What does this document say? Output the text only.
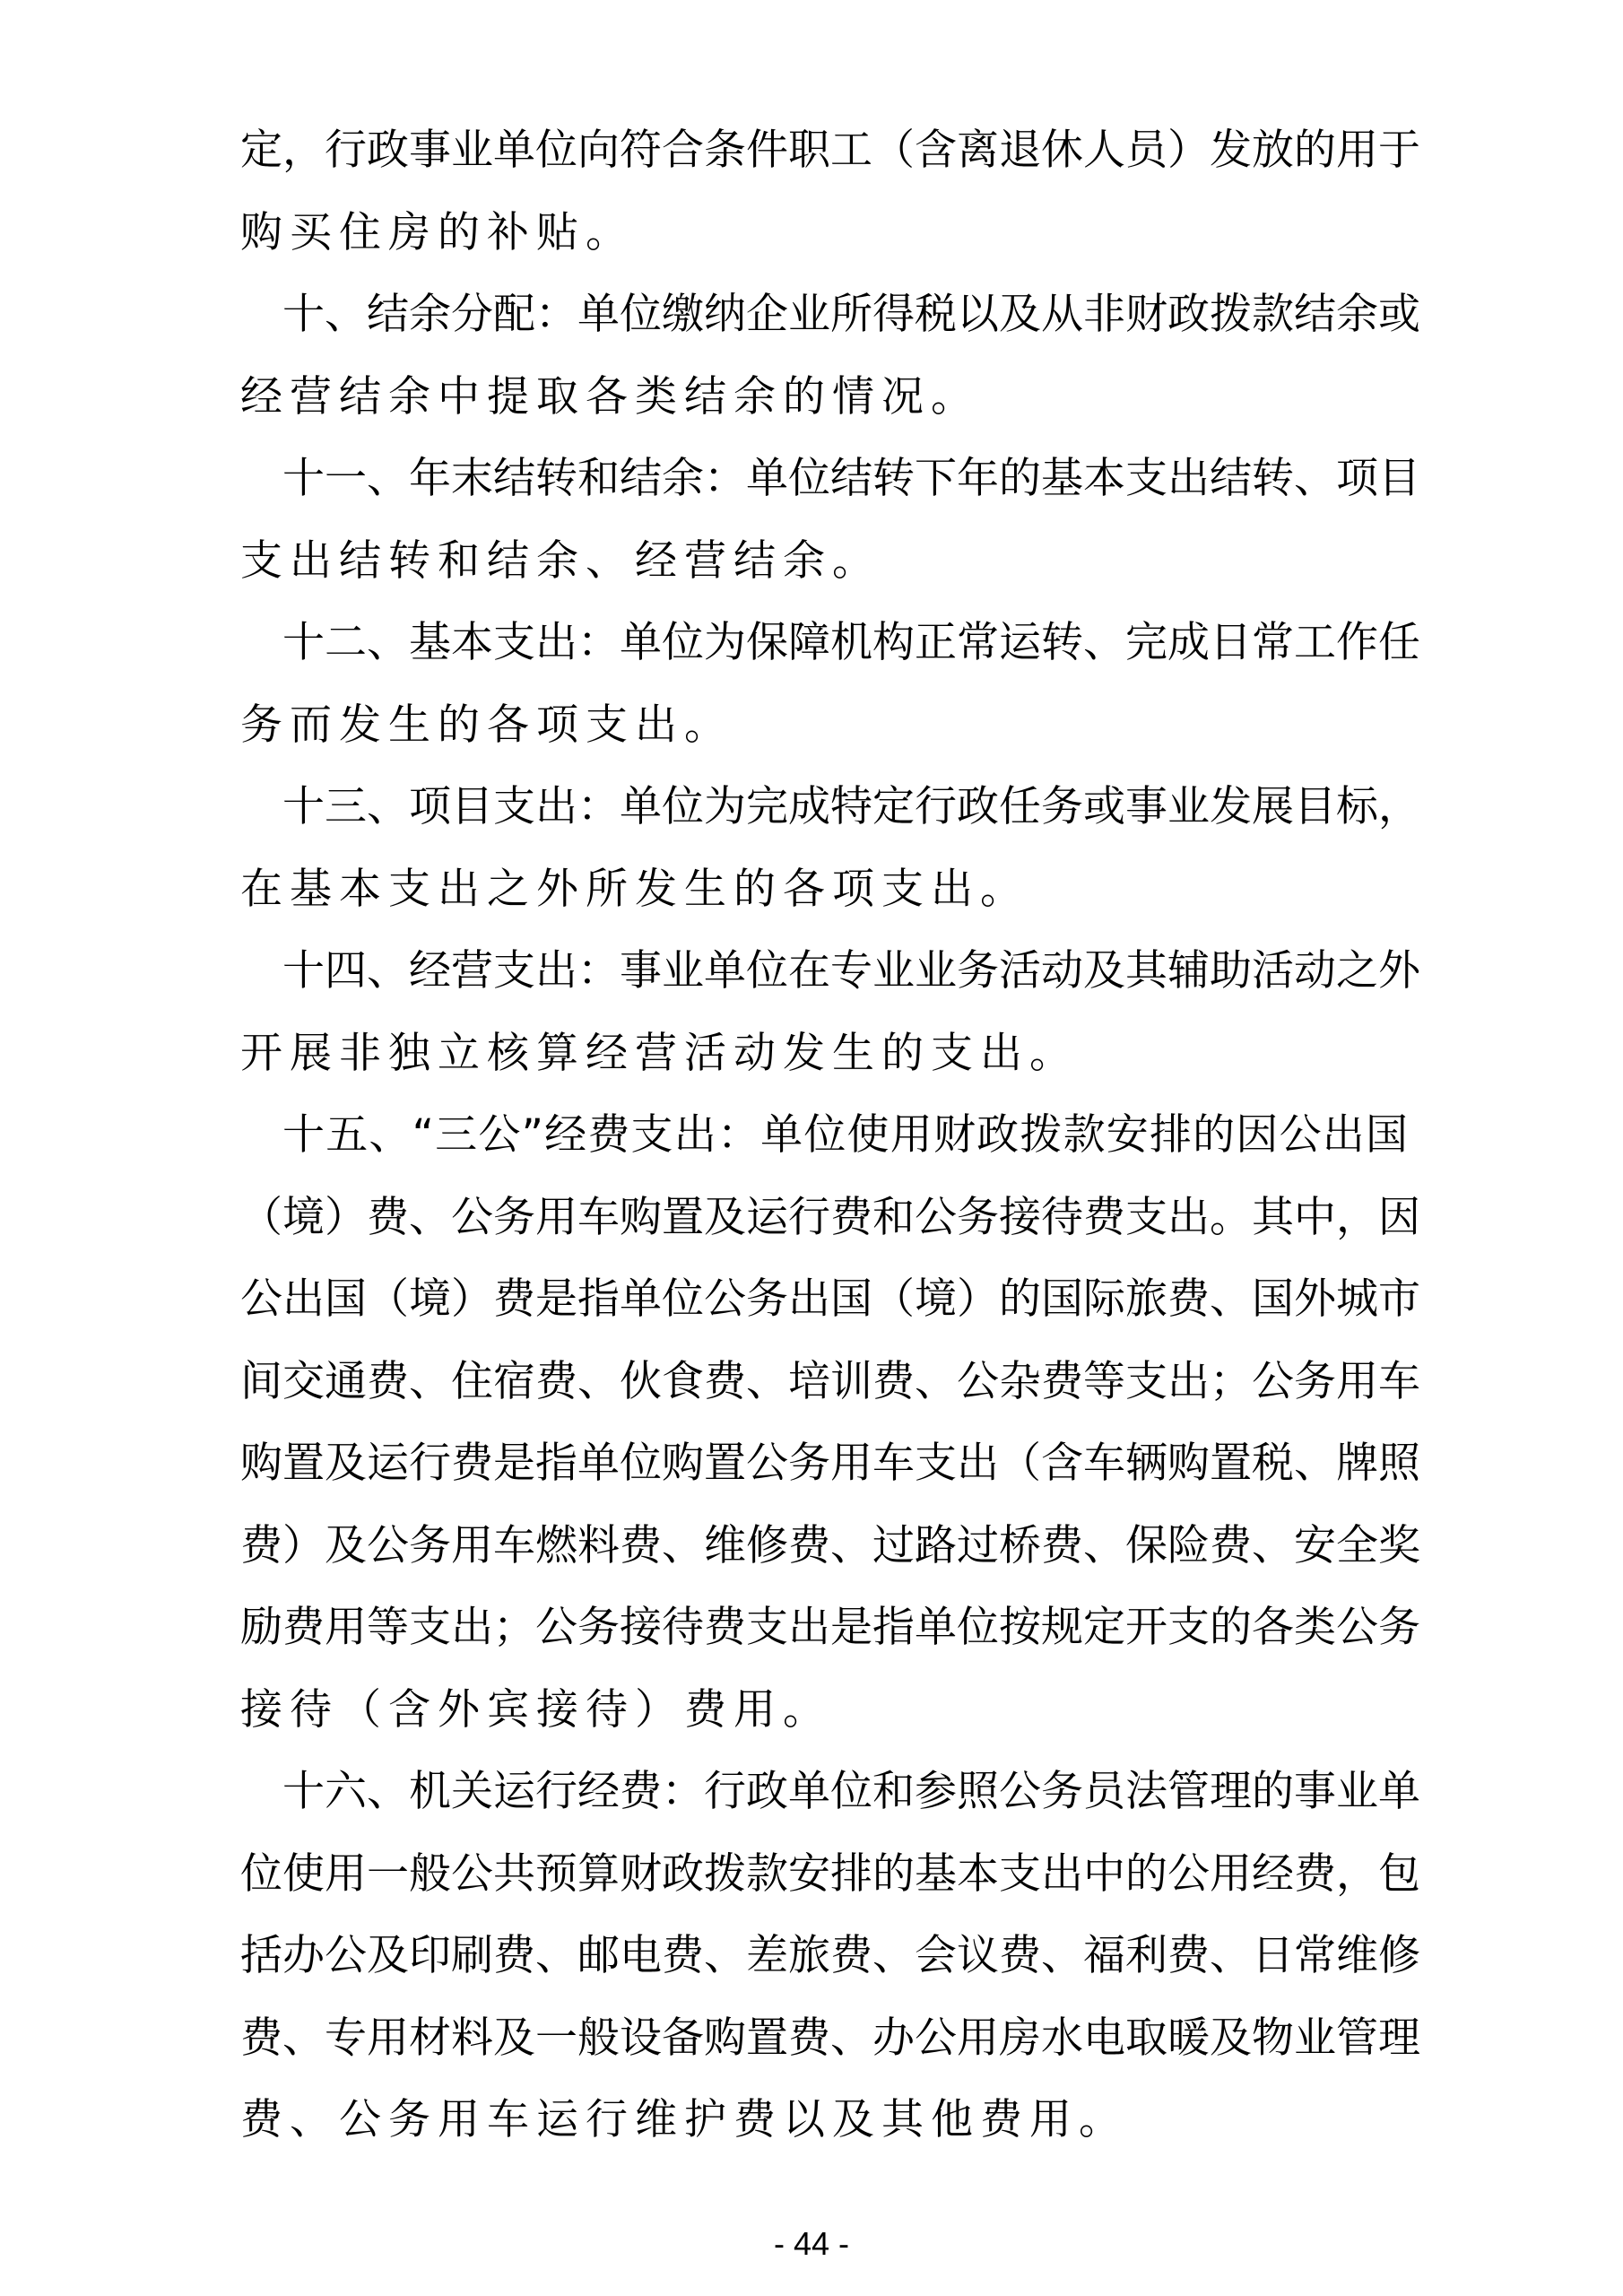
定，行政事业单位向符合条件职工（含离退休人员）发放的用于
购买住房的补贴。
十、结余分配：单位缴纳企业所得税以及从非财政拨款结余或
经营结余中提取各类结余的情况。
十一、年末结转和结余：单位结转下年的基本支出结转、项目
支出结转和结余、经营结余。
十二、基本支出：单位为保障机构正常运转、完成日常工作任
务而发生的各项支出。
十三、项目支出：单位为完成特定行政任务或事业发展目标，
在基本支出之外所发生的各项支出。
十四、经营支出：事业单位在专业业务活动及其辅助活动之外
开展非独立核算经营活动发生的支出。
十五、“三公”经费支出：单位使用财政拨款安排的因公出国
（境）费、公务用车购置及运行费和公务接待费支出。其中，因
公出国（境）费是指单位公务出国（境）的国际旅费、国外城市
间交通费、住宿费、伙食费、培训费、公杂费等支出；公务用车
购置及运行费是指单位购置公务用车支出（含车辆购置税、牌照
费）及公务用车燃料费、维修费、过路过桥费、保险费、安全奖
励费用等支出；公务接待费支出是指单位按规定开支的各类公务
接待（含外宾接待）费用。
十六、机关运行经费：行政单位和参照公务员法管理的事业单
位使用一般公共预算财政拨款安排的基本支出中的公用经费，包
括办公及印刷费、邮电费、差旅费、会议费、福利费、日常维修
费、专用材料及一般设备购置费、办公用房水电取暖及物业管理
费、公务用车运行维护费以及其他费用。
- 44 -
